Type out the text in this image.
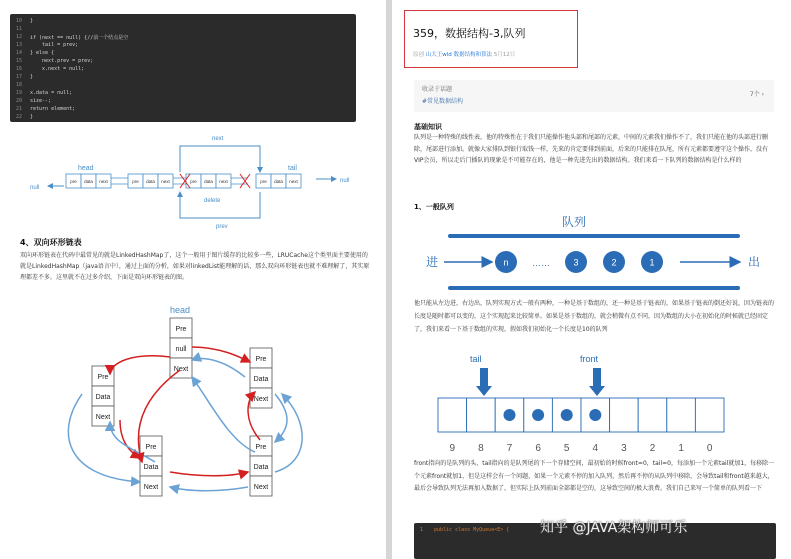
10 }
11
12 if (next == null) {//前一个结点是空
13 tail = prev;
14 } else {
15 next.prev = prev;
16 x.next = null;
17 }
18
19 x.data = null;
20 size--;
21 return element;
22 }
head	tail
null
null
next
delete
prev
pre data next	pre data next	pre data next	pre data next
4、双向环形链表

双向环形链表在代码中最常见的就是LinkedHashMap了，这个一般用于图片缓存的比较多一些，LRUCache这个类里面主要使用的就是LinkedHashMap（java语言中），通过上面的分析，如果对linkedList能理解的话，那么双向环形链表也就不难理解了，其实原理都差不多，这里就不在过多介绍，下面是双向环形链表的图。

head
Pre
null
Next
Pre
Data
Next
Pre
Data
Next
Pre
Data
Next
Pre
Data
Next
359，数据结构-3,队列
原创 山大王wld 数据结构和算法 5月12日
收录于话题
#常见数据结构
7个 ›
基础知识

队列是一种特殊的线性表，他的特殊性在于我们只能操作他头部和尾部的元素，中间的元素我们操作不了，我们只能在他的头部进行删除，尾部进行添加。就像大家排队到银行取钱一样，先来的肯定要排到前面，后来的只能排在队尾，所有元素都要遵守这个操作，没有VIP会员，所以走后门插队的现象是不可能存在的，他是一种先进先出的数据结构。我们来看一下队列的数据结构是什么样的

1、一般队列
队列
进	出
……
n	3	2	1

他只能从左边进，右边出，队列实现方式一般有两种，一种是基于数组的，还一种是基于链表的，如果基于链表的倒还好说，因为链表的长度是随时都可以变的，这个实现起来比较简单。如果是基于数组的，就会稍微有点不同，因为数组的大小在初始化的时候就已经固定了，我们来看一下基于数组的实现，假如我们初始化一个长度是10的队列

tail	front
9 8 7 6 5 4 3 2 1 0

front指向的是队列的头，tail指向的是队列尾的下一个存储空间，最初始的时候front=0，tail=0，每添加一个元素tail就加1，每移除一个元素front就加1，但是这样会有一个问题，如果一个元素不停的加入队列，然后再不停的从队列中移除，会导致tail和front越来越大，最后会导致队列无法再加入数据了，但实际上队列前面全部都是空的，这导致空间的极大浪费。我们自己来写一个简单的队列看一下

1 public class MyQueue<E> { 知乎 @JAVA架构师可乐
